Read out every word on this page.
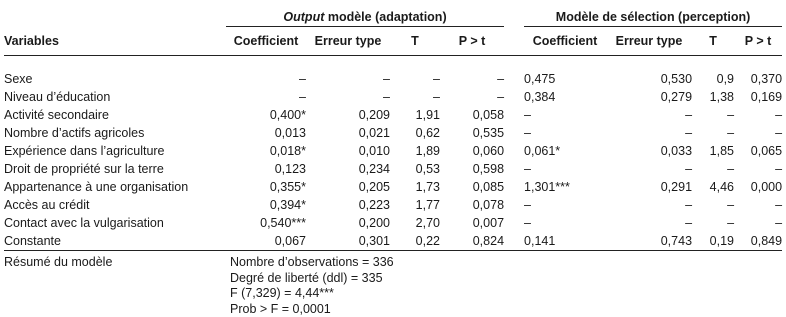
	Output modèle (adaptation)					Modèle de sélection (perception)			
Variables	Coefficient	Erreur type	T	P > t		Coefficient	Erreur type	T	P > t

Sexe	–	–	–	–		0,475	0,530	0,9	0,370
Niveau d’éducation	–	–	–	–		0,384	0,279	1,38	0,169
Activité secondaire	0,400*	0,209	1,91	0,058		–	–	–	–
Nombre d’actifs agricoles	0,013	0,021	0,62	0,535		–	–	–	–
Expérience dans l’agriculture	0,018*	0,010	1,89	0,060		0,061*	0,033	1,85	0,065
Droit de propriété sur la terre	0,123	0,234	0,53	0,598		–	–	–	–
Appartenance à une organisation	0,355*	0,205	1,73	0,085		1,301***	0,291	4,46	0,000
Accès au crédit	0,394*	0,223	1,77	0,078		–	–	–	–
Contact avec la vulgarisation	0,540***	0,200	2,70	0,007		–	–	–	–
Constante	0,067	0,301	0,22	0,824		0,141	0,743	0,19	0,849
Résumé du modèle	Nombre d’observations = 336
Degré de liberté (ddl) = 335
F (7,329) = 4,44***
Prob > F = 0,0001
